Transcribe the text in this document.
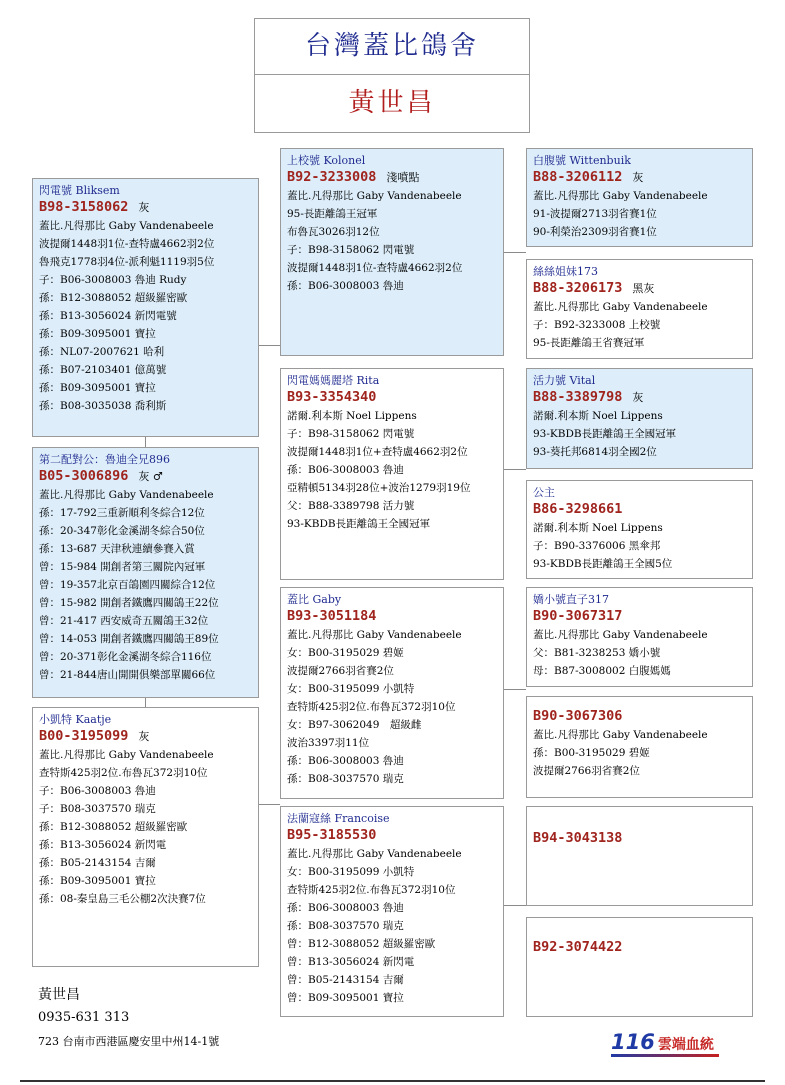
台灣蓋比鴿舍
黃世昌
閃電號 Bliksem
B98-3158062 灰
蓋比.凡得那比 Gaby Vandenabeele
波提爾1448羽1位-查特盧4662羽2位
魯飛克1778羽4位-派利魁1119羽5位
子：B06-3008003 魯迪 Rudy
孫：B12-3088052 超級羅密歐
孫：B13-3056024 新閃電號
孫：B09-3095001 寶拉
孫：NL07-2007621 哈利
孫：B07-2103401 億萬號
孫：B09-3095001 寶拉
孫：B08-3035038 喬利斯
第二配對公：魯迪全兄896
B05-3006896 灰 ♂
蓋比.凡得那比 Gaby Vandenabeele
孫：17-792三重新順利冬綜合12位
孫：20-347彰化金溪湖冬綜合50位
孫：13-687 天津秋連續參賽入賞
曾：15-984 開創者第三關院內冠軍
曾：19-357北京百鴿園四關綜合12位
曾：15-982 開創者鐵鷹四關鴿王22位
曾：21-417 西安威奇五關鴿王32位
曾：14-053 開創者鐵鷹四關鴿王89位
曾：20-371彰化金溪湖冬綜合116位
曾：21-844唐山開開俱樂部單關66位
小凱特 Kaatje
B00-3195099 灰
蓋比.凡得那比 Gaby Vandenabeele
查特斯425羽2位.布魯瓦372羽10位
子：B06-3008003 魯迪
子：B08-3037570 瑞克
孫：B12-3088052 超級羅密歐
孫：B13-3056024 新閃電
孫：B05-2143154 吉爾
孫：B09-3095001 寶拉
孫：08-秦皇島三毛公棚2次決賽7位
上校號 Kolonel
B92-3233008 淺噴點
蓋比.凡得那比 Gaby Vandenabeele
95-長距離鴿王冠軍
布魯瓦3026羽12位
子：B98-3158062 閃電號
波提爾1448羽1位-查特盧4662羽2位
孫：B06-3008003 魯迪
閃電媽媽麗塔 Rita
B93-3354340
諾爾.利本斯 Noel Lippens
子：B98-3158062 閃電號
波提爾1448羽1位+查特盧4662羽2位
孫：B06-3008003 魯迪
亞精頓5134羽28位+波治1279羽19位
父：B88-3389798 活力號
93-KBDB長距離鴿王全國冠軍
蓋比 Gaby
B93-3051184
蓋比.凡得那比 Gaby Vandenabeele
女：B00-3195029 碧姬
波提爾2766羽省賽2位
女：B00-3195099 小凱特
查特斯425羽2位.布魯瓦372羽10位
女：B97-3062049　超級雌
波治3397羽11位
孫：B06-3008003 魯迪
孫：B08-3037570 瑞克
法蘭寇絲 Francoise
B95-3185530
蓋比.凡得那比 Gaby Vandenabeele
女：B00-3195099 小凱特
查特斯425羽2位.布魯瓦372羽10位
孫：B06-3008003 魯迪
孫：B08-3037570 瑞克
曾：B12-3088052 超級羅密歐
曾：B13-3056024 新閃電
曾：B05-2143154 吉爾
曾：B09-3095001 寶拉
白腹號 Wittenbuik
B88-3206112 灰
蓋比.凡得那比 Gaby Vandenabeele
91-波提爾2713羽省賽1位
90-利榮治2309羽省賽1位
絲絲姐妹173
B88-3206173 黑灰
蓋比.凡得那比 Gaby Vandenabeele
子：B92-3233008 上校號
95-長距離鴿王省賽冠軍
活力號 Vital
B88-3389798 灰
諾爾.利本斯 Noel Lippens
93-KBDB長距離鴿王全國冠軍
93-葵托邦6814羽全國2位
公主
B86-3298661
諾爾.利本斯 Noel Lippens
子：B90-3376006 黑傘邦
93-KBDB長距離鴿王全國5位
嬌小號直子317
B90-3067317
蓋比.凡得那比 Gaby Vandenabeele
父：B81-3238253 嬌小號
母：B87-3008002 白腹媽媽
B90-3067306
蓋比.凡得那比 Gaby Vandenabeele
孫：B00-3195029 碧姬
波提爾2766羽省賽2位
B94-3043138
B92-3074422
黃世昌
0935-631 313
723 台南市西港區慶安里中州14-1號	116 雲端血統
